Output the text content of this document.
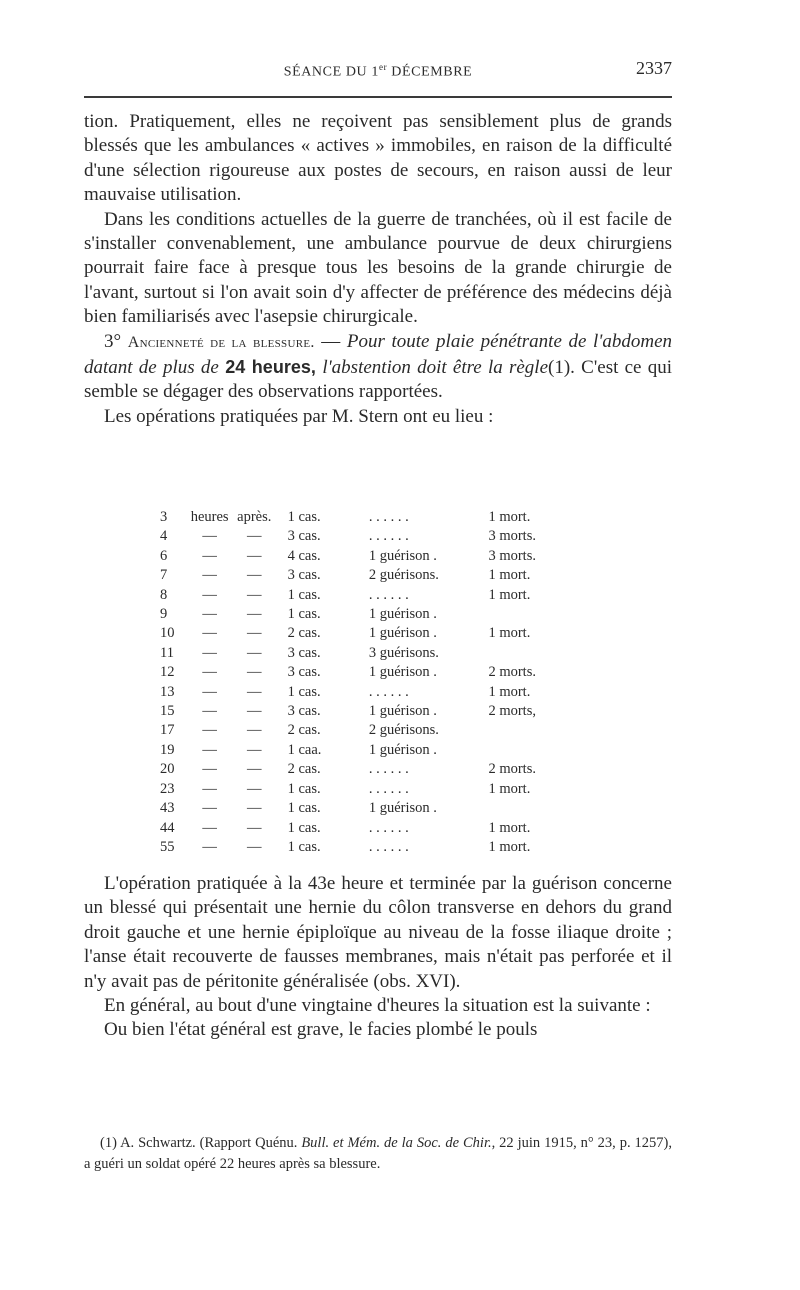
SÉANCE DU 1er DÉCEMBRE	2337

tion. Pratiquement, elles ne reçoivent pas sensiblement plus de grands blessés que les ambulances « actives » immobiles, en raison de la difficulté d'une sélection rigoureuse aux postes de secours, en raison aussi de leur mauvaise utilisation.

Dans les conditions actuelles de la guerre de tranchées, où il est facile de s'installer convenablement, une ambulance pourvue de deux chirurgiens pourrait faire face à presque tous les besoins de la grande chirurgie de l'avant, surtout si l'on avait soin d'y affecter de préférence des médecins déjà bien familiarisés avec l'asepsie chirurgicale.

3° Ancienneté de la blessure. — Pour toute plaie pénétrante de l'abdomen datant de plus de 24 heures, l'abstention doit être la règle(1). C'est ce qui semble se dégager des observations rapportées.

Les opérations pratiquées par M. Stern ont eu lieu :

3	heures	après.	1 cas.	. . . . . .	1 mort.
4	—	—	3 cas.	. . . . . .	3 morts.
6	—	—	4 cas.	1 guérison .	3 morts.
7	—	—	3 cas.	2 guérisons.	1 mort.
8	—	—	1 cas.	. . . . . .	1 mort.
9	—	—	1 cas.	1 guérison .	
10	—	—	2 cas.	1 guérison .	1 mort.
11	—	—	3 cas.	3 guérisons.	
12	—	—	3 cas.	1 guérison .	2 morts.
13	—	—	1 cas.	. . . . . .	1 mort.
15	—	—	3 cas.	1 guérison .	2 morts,
17	—	—	2 cas.	2 guérisons.	
19	—	—	1 caa.	1 guérison .	
20	—	—	2 cas.	. . . . . .	2 morts.
23	—	—	1 cas.	. . . . . .	1 mort.
43	—	—	1 cas.	1 guérison .	
44	—	—	1 cas.	. . . . . .	1 mort.
55	—	—	1 cas.	. . . . . .	1 mort.

L'opération pratiquée à la 43e heure et terminée par la guérison concerne un blessé qui présentait une hernie du côlon transverse en dehors du grand droit gauche et une hernie épiploïque au niveau de la fosse iliaque droite ; l'anse était recouverte de fausses membranes, mais n'était pas perforée et il n'y avait pas de péritonite généralisée (obs. XVI).

En général, au bout d'une vingtaine d'heures la situation est la suivante :

Ou bien l'état général est grave, le facies plombé le pouls

(1) A. Schwartz. (Rapport Quénu. Bull. et Mém. de la Soc. de Chir., 22 juin 1915, n° 23, p. 1257), a guéri un soldat opéré 22 heures après sa blessure.
